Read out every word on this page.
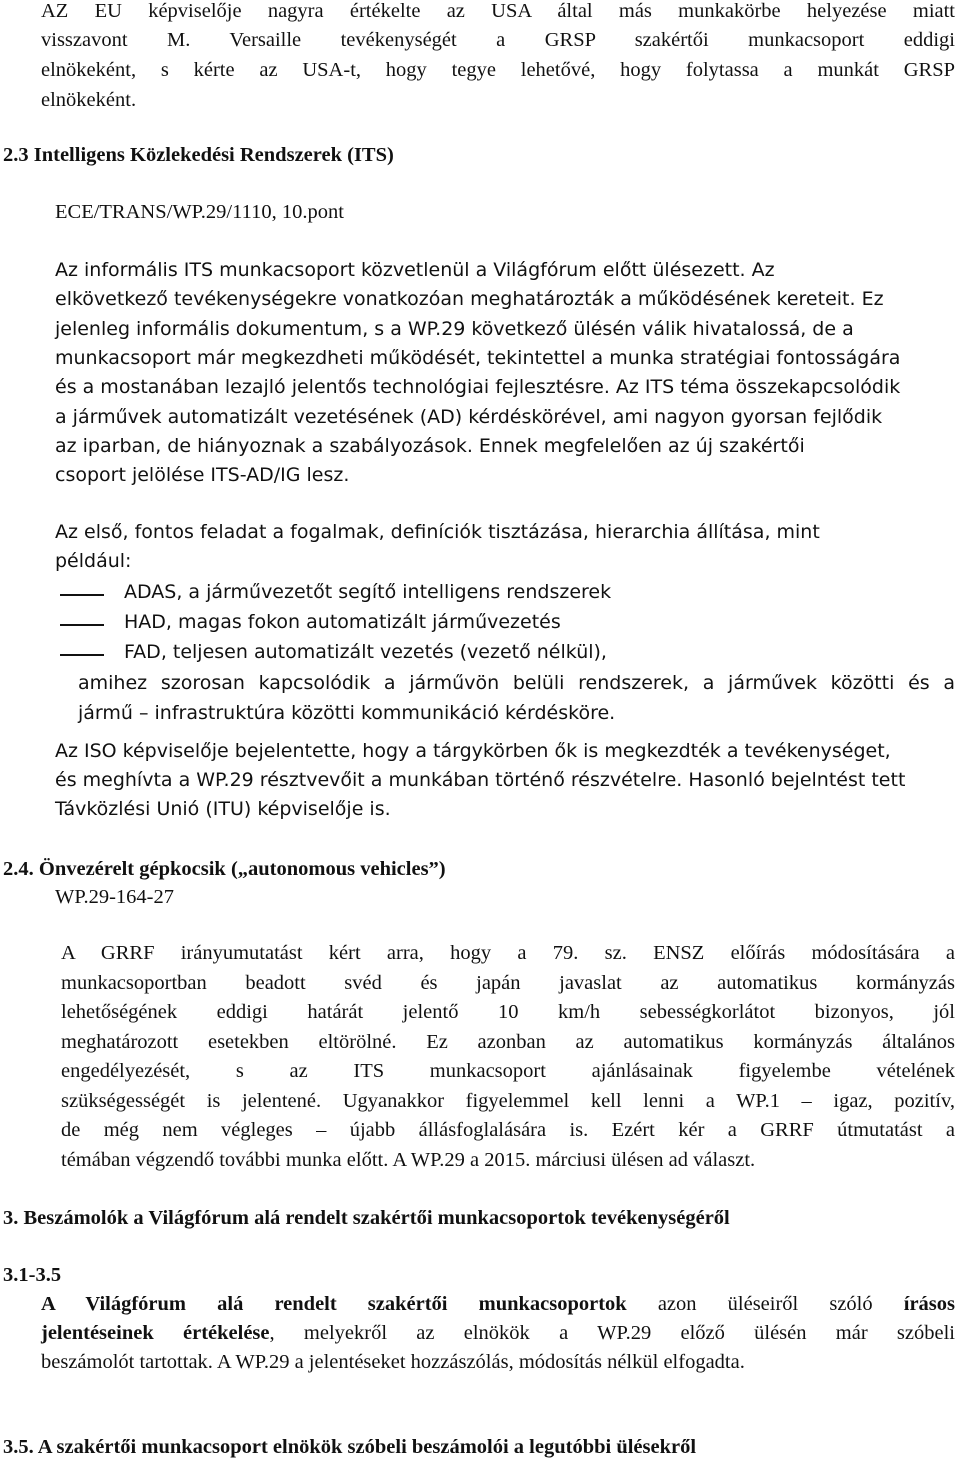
AZ EU képviselője nagyra értékelte az USA által más munkakörbe helyezése miatt
visszavont M. Versaille tevékenységét a GRSP szakértői munkacsoport eddigi
elnökeként, s kérte az USA-t, hogy tegye lehetővé, hogy folytassa a munkát GRSP
elnökeként.
2.3 Intelligens Közlekedési Rendszerek (ITS)
ECE/TRANS/WP.29/1110, 10.pont
Az informális ITS munkacsoport közvetlenül a Világfórum előtt ülésezett. Az
elkövetkező tevékenységekre vonatkozóan meghatározták a működésének kereteit. Ez
jelenleg informális dokumentum, s a WP.29 következő ülésén válik hivatalossá, de a
munkacsoport már megkezdheti működését, tekintettel a munka stratégiai fontosságára
és a mostanában lezajló jelentős technológiai fejlesztésre. Az ITS téma összekapcsolódik
a járművek automatizált vezetésének (AD) kérdéskörével, ami nagyon gyorsan fejlődik
az iparban, de hiányoznak a szabályozások. Ennek megfelelően az új szakértői
csoport jelölése ITS-AD/IG lesz.
Az első, fontos feladat a fogalmak, definíciók tisztázása, hierarchia állítása, mint
például:
ADAS, a járművezetőt segítő intelligens rendszerek
HAD, magas fokon automatizált járművezetés
FAD, teljesen automatizált vezetés (vezető nélkül),
amihez szorosan kapcsolódik a járművön belüli rendszerek, a járművek közötti és a
jármű – infrastruktúra közötti kommunikáció kérdésköre.
Az ISO képviselője bejelentette, hogy a tárgykörben ők is megkezdték a tevékenységet,
és meghívta a WP.29 résztvevőit a munkában történő részvételre. Hasonló bejelntést tett
Távközlési Unió (ITU) képviselője is.
2.4. Önvezérelt gépkocsik („autonomous vehicles”)
WP.29-164-27
A GRRF irányumutatást kért arra, hogy a 79. sz. ENSZ előírás módosítására a
munkacsoportban beadott svéd és japán javaslat az automatikus kormányzás
lehetőségének eddigi határát jelentő 10 km/h sebességkorlátot bizonyos, jól
meghatározott esetekben eltörölné. Ez azonban az automatikus kormányzás általános
engedélyezését, s az ITS munkacsoport ajánlásainak figyelembe vételének
szükségességét is jelentené. Ugyanakkor figyelemmel kell lenni a WP.1 – igaz, pozitív,
de még nem végleges – újabb állásfoglalására is. Ezért kér a GRRF útmutatást a
témában végzendő további munka előtt. A WP.29 a 2015. márciusi ülésen ad választ.
3. Beszámolók a Világfórum alá rendelt szakértői munkacsoportok tevékenységéről
3.1-3.5
A Világfórum alá rendelt szakértői munkacsoportok azon üléseiről szóló írásos
jelentéseinek értékelése, melyekről az elnökök a WP.29 előző ülésén már szóbeli
beszámolót tartottak. A WP.29 a jelentéseket hozzászólás, módosítás nélkül elfogadta.
3.5. A szakértői munkacsoport elnökök szóbeli beszámolói a legutóbbi ülésekről
